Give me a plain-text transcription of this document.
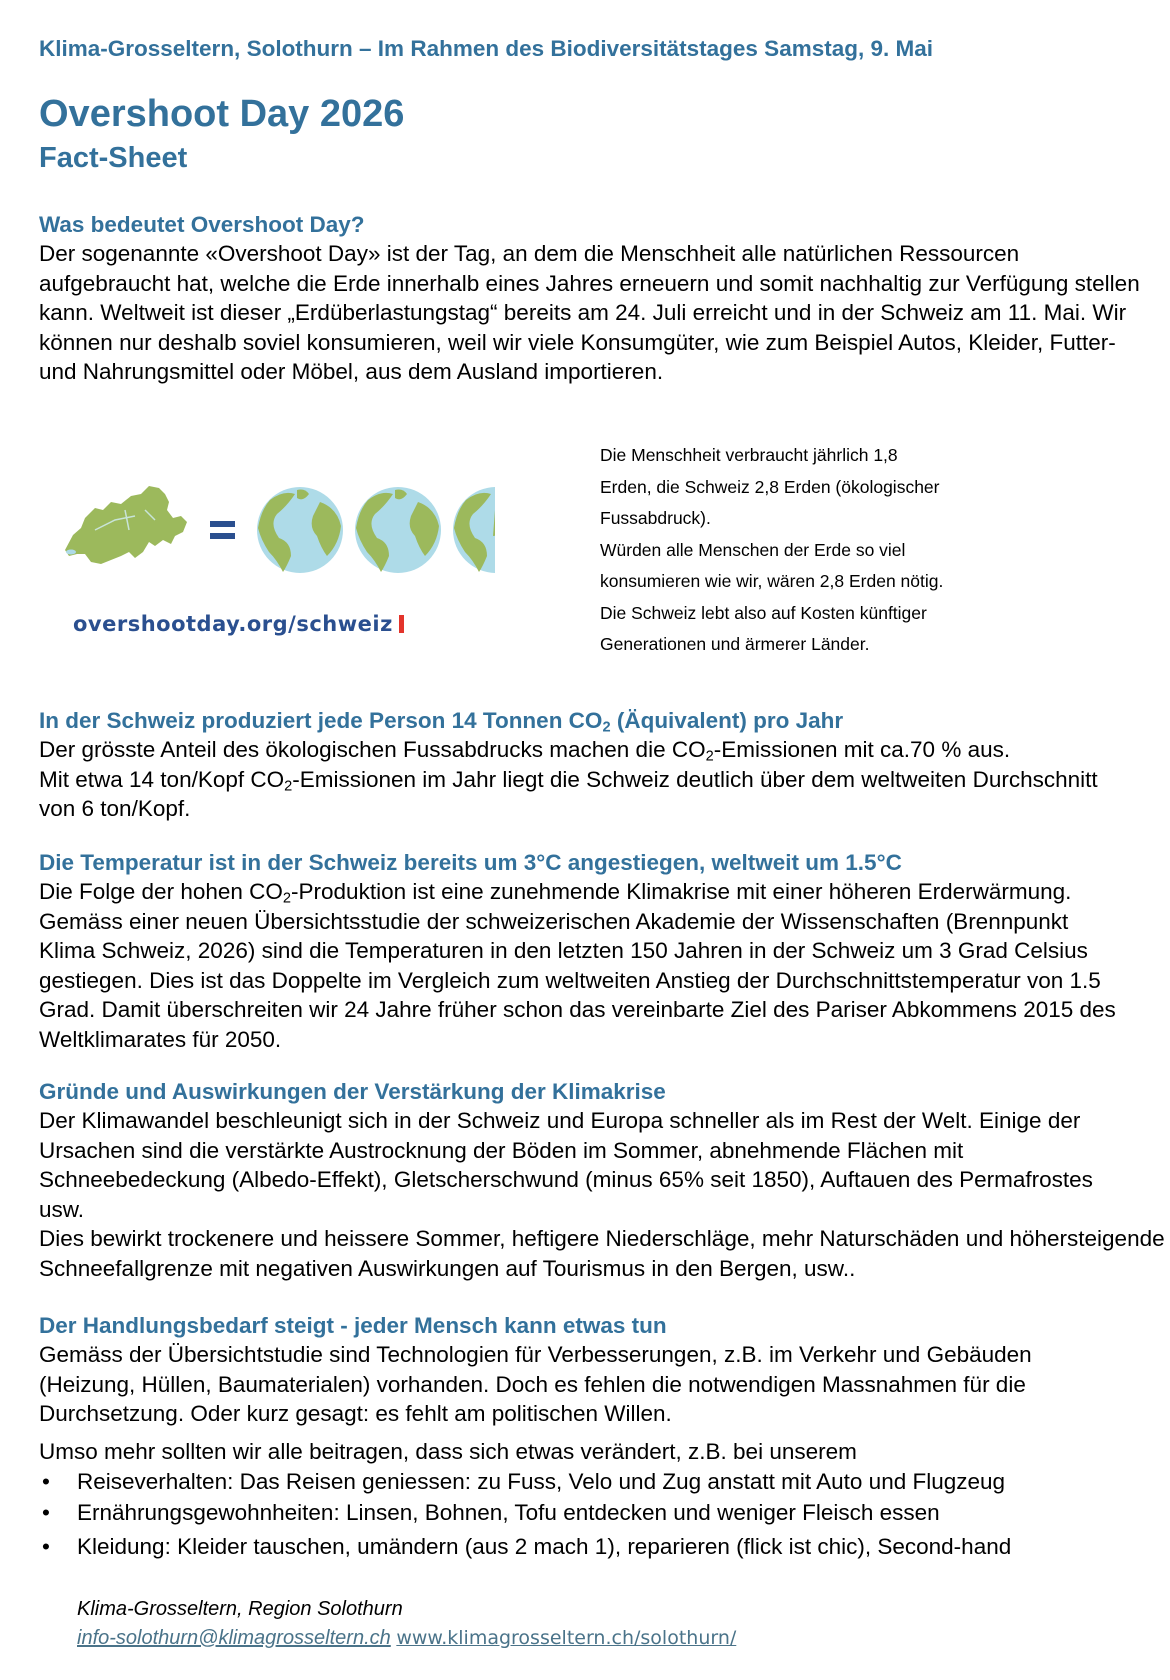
Klima-Grosseltern, Solothurn – Im Rahmen des Biodiversitätstages Samstag, 9. Mai
Overshoot Day 2026
Fact-Sheet
Was bedeutet Overshoot Day?

Der sogenannte «Overshoot Day» ist der Tag, an dem die Menschheit alle natürlichen Ressourcen aufgebraucht hat, welche die Erde innerhalb eines Jahres erneuern und somit nachhaltig zur Verfügung stellen kann. Weltweit ist dieser „Erdüberlastungstag“ bereits am 24. Juli erreicht und in der Schweiz am 11. Mai. Wir können nur deshalb soviel konsumieren, weil wir viele Konsumgüter, wie zum Beispiel Autos, Kleider, Futter- und Nahrungsmittel oder Möbel, aus dem Ausland importieren.

overshootday.org/schweiz
Die Menschheit verbraucht jährlich 1,8
Erden, die Schweiz 2,8 Erden (ökologischer
Fussabdruck).
Würden alle Menschen der Erde so viel
konsumieren wie wir, wären 2,8 Erden nötig.
Die Schweiz lebt also auf Kosten künftiger
Generationen und ärmerer Länder.
In der Schweiz produziert jede Person 14 Tonnen $CO_2$ (Äquivalent) pro Jahr

Der grösste Anteil des ökologischen Fussabdrucks machen die $CO_2$-Emissionen mit ca.70 % aus.
Mit etwa 14 ton/Kopf $CO_2$-Emissionen im Jahr liegt die Schweiz deutlich über dem weltweiten Durchschnitt von 6 ton/Kopf.

Die Temperatur ist in der Schweiz bereits um 3°C angestiegen, weltweit um 1.5°C

Die Folge der hohen $CO_2$-Produktion ist eine zunehmende Klimakrise mit einer höheren Erderwärmung. Gemäss einer neuen Übersichtsstudie der schweizerischen Akademie der Wissenschaften (Brennpunkt Klima Schweiz, 2026) sind die Temperaturen in den letzten 150 Jahren in der Schweiz um 3 Grad Celsius gestiegen. Dies ist das Doppelte im Vergleich zum weltweiten Anstieg der Durchschnittstemperatur von 1.5 Grad. Damit überschreiten wir 24 Jahre früher schon das vereinbarte Ziel des Pariser Abkommens 2015 des Weltklimarates für 2050.

Gründe und Auswirkungen der Verstärkung der Klimakrise

Der Klimawandel beschleunigt sich in der Schweiz und Europa schneller als im Rest der Welt. Einige der Ursachen sind die verstärkte Austrocknung der Böden im Sommer, abnehmende Flächen mit Schneebedeckung (Albedo-Effekt), Gletscherschwund (minus 65% seit 1850), Auftauen des Permafrostes usw.

Dies bewirkt trockenere und heissere Sommer, heftigere Niederschläge, mehr Naturschäden und höhersteigende Schneefallgrenze mit negativen Auswirkungen auf Tourismus in den Bergen, usw..

Der Handlungsbedarf steigt - jeder Mensch kann etwas tun

Gemäss der Übersichtstudie sind Technologien für Verbesserungen, z.B. im Verkehr und Gebäuden (Heizung, Hüllen, Baumaterialen) vorhanden. Doch es fehlen die notwendigen Massnahmen für die Durchsetzung. Oder kurz gesagt: es fehlt am politischen Willen.

Umso mehr sollten wir alle beitragen, dass sich etwas verändert, z.B. bei unserem

• Reiseverhalten: Das Reisen geniessen: zu Fuss, Velo und Zug anstatt mit Auto und Flugzeug
• Ernährungsgewohnheiten: Linsen, Bohnen, Tofu entdecken und weniger Fleisch essen
• Kleidung: Kleider tauschen, umändern (aus 2 mach 1), reparieren (flick ist chic), Second-hand
Klima-Grosseltern, Region Solothurn
info-solothurn@klimagrosseltern.ch www.klimagrosseltern.ch/solothurn/
